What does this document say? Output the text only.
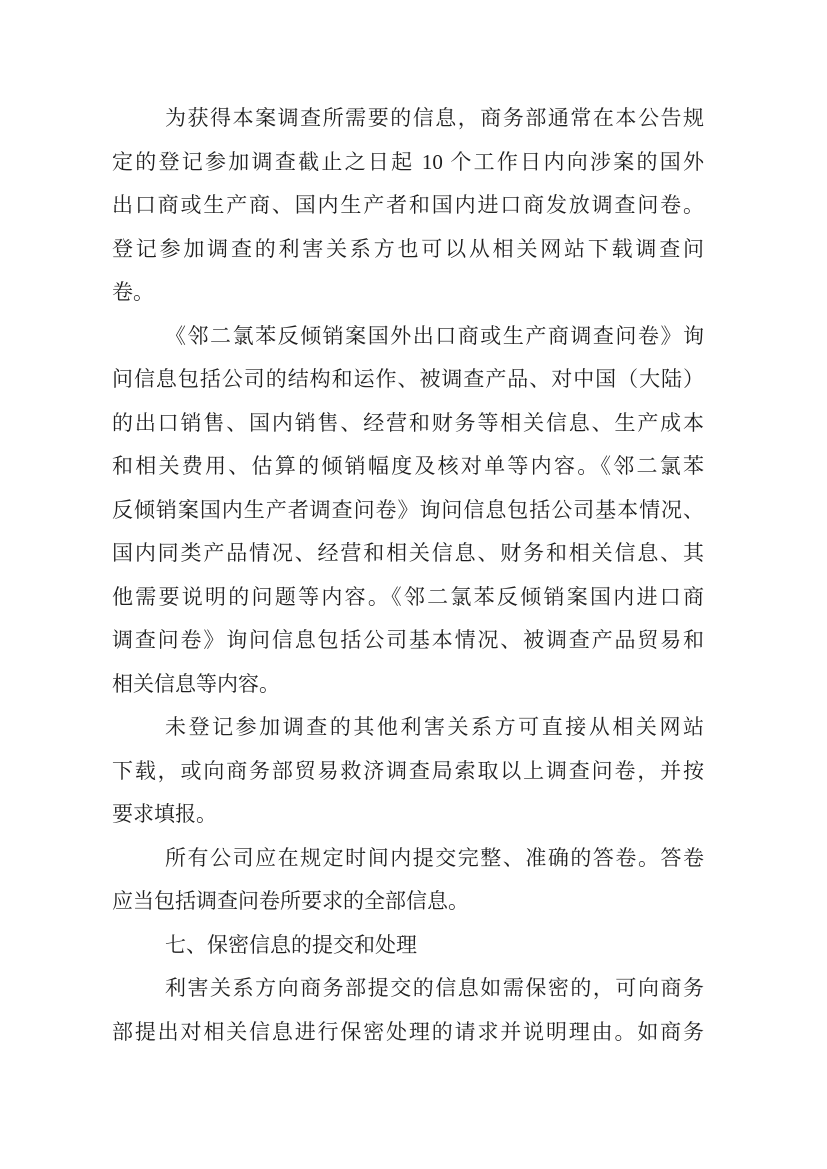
为获得本案调查所需要的信息，商务部通常在本公告规
定的登记参加调查截止之日起 10 个工作日内向涉案的国外
出口商或生产商、国内生产者和国内进口商发放调查问卷。
登记参加调查的利害关系方也可以从相关网站下载调查问
卷。
《邻二氯苯反倾销案国外出口商或生产商调查问卷》询
问信息包括公司的结构和运作、被调查产品、对中国（大陆）
的出口销售、国内销售、经营和财务等相关信息、生产成本
和相关费用、估算的倾销幅度及核对单等内容。《邻二氯苯
反倾销案国内生产者调查问卷》询问信息包括公司基本情况、
国内同类产品情况、经营和相关信息、财务和相关信息、其
他需要说明的问题等内容。《邻二氯苯反倾销案国内进口商
调查问卷》询问信息包括公司基本情况、被调查产品贸易和
相关信息等内容。
未登记参加调查的其他利害关系方可直接从相关网站
下载，或向商务部贸易救济调查局索取以上调查问卷，并按
要求填报。
所有公司应在规定时间内提交完整、准确的答卷。答卷
应当包括调查问卷所要求的全部信息。
七、保密信息的提交和处理
利害关系方向商务部提交的信息如需保密的，可向商务
部提出对相关信息进行保密处理的请求并说明理由。如商务
